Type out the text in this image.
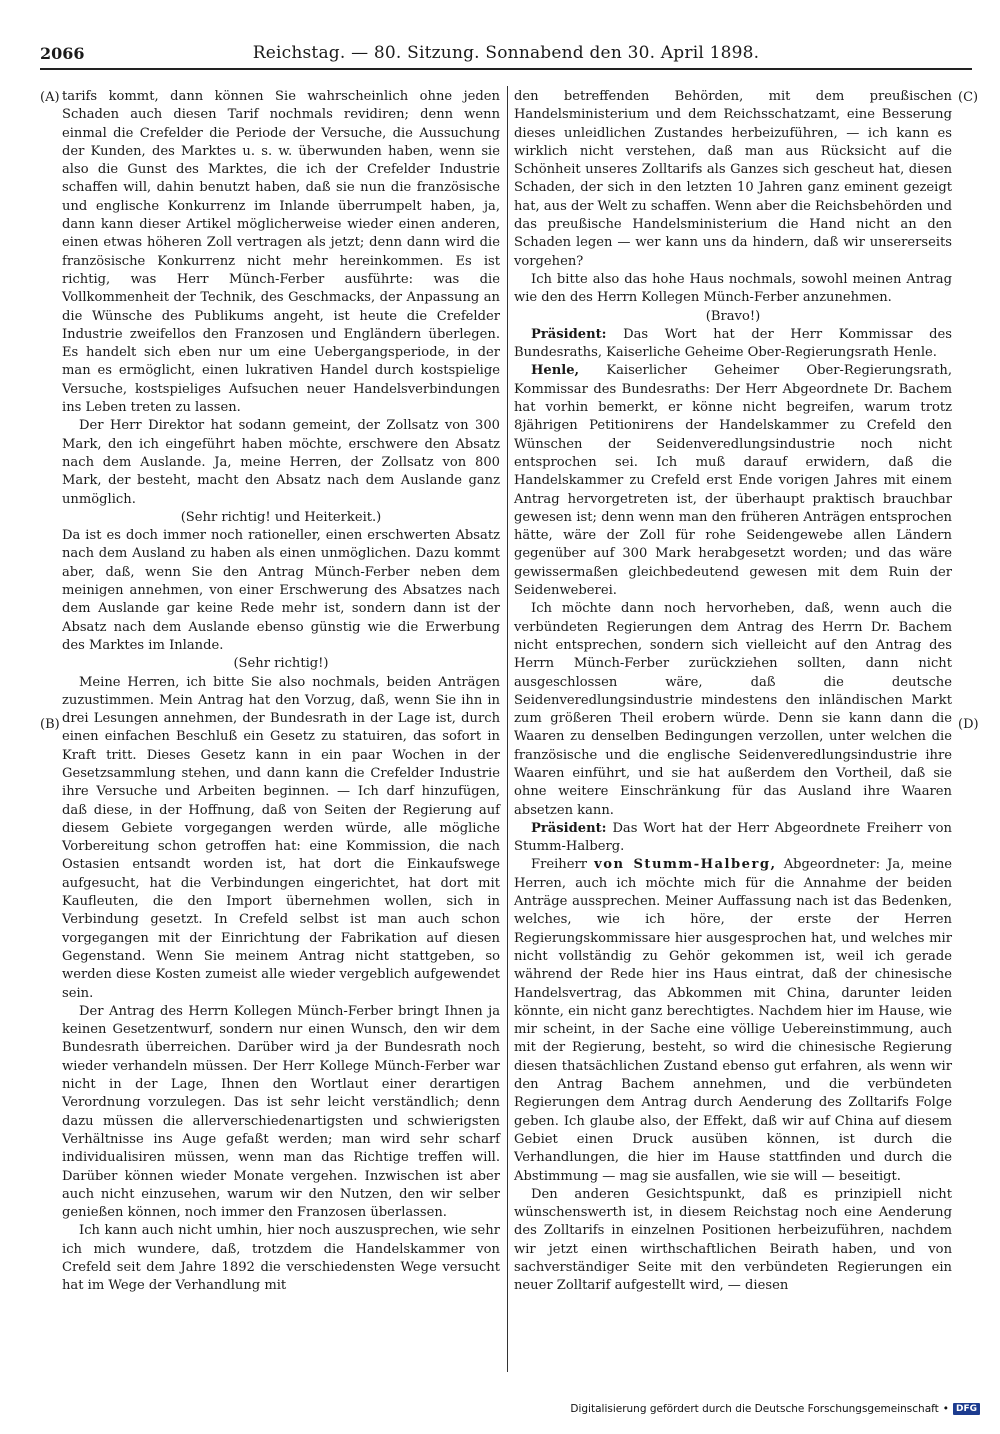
2066	Reichstag. — 80. Sitzung. Sonnabend den 30. April 1898.
(A)
(B)
(C)
(D)

tarifs kommt, dann können Sie wahrscheinlich ohne jeden Schaden auch diesen Tarif nochmals revidiren; denn wenn einmal die Crefelder die Periode der Versuche, die Aussuchung der Kunden, des Marktes u. s. w. überwunden haben, wenn sie also die Gunst des Marktes, die ich der Crefelder Industrie schaffen will, dahin benutzt haben, daß sie nun die französische und englische Konkurrenz im Inlande überrumpelt haben, ja, dann kann dieser Artikel möglicherweise wieder einen anderen, einen etwas höheren Zoll vertragen als jetzt; denn dann wird die französische Konkurrenz nicht mehr hereinkommen. Es ist richtig, was Herr Münch-Ferber ausführte: was die Vollkommenheit der Technik, des Geschmacks, der Anpassung an die Wünsche des Publikums angeht, ist heute die Crefelder Industrie zweifellos den Franzosen und Engländern überlegen. Es handelt sich eben nur um eine Uebergangsperiode, in der man es ermöglicht, einen lukrativen Handel durch kostspielige Versuche, kostspieliges Aufsuchen neuer Handelsverbindungen ins Leben treten zu lassen.

Der Herr Direktor hat sodann gemeint, der Zollsatz von 300 Mark, den ich eingeführt haben möchte, erschwere den Absatz nach dem Auslande. Ja, meine Herren, der Zollsatz von 800 Mark, der besteht, macht den Absatz nach dem Auslande ganz unmöglich.

(Sehr richtig! und Heiterkeit.)

Da ist es doch immer noch rationeller, einen erschwerten Absatz nach dem Ausland zu haben als einen unmöglichen. Dazu kommt aber, daß, wenn Sie den Antrag Münch-Ferber neben dem meinigen annehmen, von einer Erschwerung des Absatzes nach dem Auslande gar keine Rede mehr ist, sondern dann ist der Absatz nach dem Auslande ebenso günstig wie die Erwerbung des Marktes im Inlande.

(Sehr richtig!)

Meine Herren, ich bitte Sie also nochmals, beiden Anträgen zuzustimmen. Mein Antrag hat den Vorzug, daß, wenn Sie ihn in drei Lesungen annehmen, der Bundesrath in der Lage ist, durch einen einfachen Beschluß ein Gesetz zu statuiren, das sofort in Kraft tritt. Dieses Gesetz kann in ein paar Wochen in der Gesetzsammlung stehen, und dann kann die Crefelder Industrie ihre Versuche und Arbeiten beginnen. — Ich darf hinzufügen, daß diese, in der Hoffnung, daß von Seiten der Regierung auf diesem Gebiete vorgegangen werden würde, alle mögliche Vorbereitung schon getroffen hat: eine Kommission, die nach Ostasien entsandt worden ist, hat dort die Einkaufswege aufgesucht, hat die Verbindungen eingerichtet, hat dort mit Kaufleuten, die den Import übernehmen wollen, sich in Verbindung gesetzt. In Crefeld selbst ist man auch schon vorgegangen mit der Einrichtung der Fabrikation auf diesen Gegenstand. Wenn Sie meinem Antrag nicht stattgeben, so werden diese Kosten zumeist alle wieder vergeblich aufgewendet sein.

Der Antrag des Herrn Kollegen Münch-Ferber bringt Ihnen ja keinen Gesetzentwurf, sondern nur einen Wunsch, den wir dem Bundesrath überreichen. Darüber wird ja der Bundesrath noch wieder verhandeln müssen. Der Herr Kollege Münch-Ferber war nicht in der Lage, Ihnen den Wortlaut einer derartigen Verordnung vorzulegen. Das ist sehr leicht verständlich; denn dazu müssen die allerverschiedenartigsten und schwierigsten Verhältnisse ins Auge gefaßt werden; man wird sehr scharf individualisiren müssen, wenn man das Richtige treffen will. Darüber können wieder Monate vergehen. Inzwischen ist aber auch nicht einzusehen, warum wir den Nutzen, den wir selber genießen können, noch immer den Franzosen überlassen.

Ich kann auch nicht umhin, hier noch auszusprechen, wie sehr ich mich wundere, daß, trotzdem die Handelskammer von Crefeld seit dem Jahre 1892 die verschiedensten Wege versucht hat im Wege der Verhandlung mit

den betreffenden Behörden, mit dem preußischen Handelsministerium und dem Reichsschatzamt, eine Besserung dieses unleidlichen Zustandes herbeizuführen, — ich kann es wirklich nicht verstehen, daß man aus Rücksicht auf die Schönheit unseres Zolltarifs als Ganzes sich gescheut hat, diesen Schaden, der sich in den letzten 10 Jahren ganz eminent gezeigt hat, aus der Welt zu schaffen. Wenn aber die Reichsbehörden und das preußische Handelsministerium die Hand nicht an den Schaden legen — wer kann uns da hindern, daß wir unsererseits vorgehen?

Ich bitte also das hohe Haus nochmals, sowohl meinen Antrag wie den des Herrn Kollegen Münch-Ferber anzunehmen.

(Bravo!)

Präsident: Das Wort hat der Herr Kommissar des Bundesraths, Kaiserliche Geheime Ober-Regierungsrath Henle.

Henle, Kaiserlicher Geheimer Ober-Regierungsrath, Kommissar des Bundesraths: Der Herr Abgeordnete Dr. Bachem hat vorhin bemerkt, er könne nicht begreifen, warum trotz 8jährigen Petitionirens der Handelskammer zu Crefeld den Wünschen der Seidenveredlungsindustrie noch nicht entsprochen sei. Ich muß darauf erwidern, daß die Handelskammer zu Crefeld erst Ende vorigen Jahres mit einem Antrag hervorgetreten ist, der überhaupt praktisch brauchbar gewesen ist; denn wenn man den früheren Anträgen entsprochen hätte, wäre der Zoll für rohe Seidengewebe allen Ländern gegenüber auf 300 Mark herabgesetzt worden; und das wäre gewissermaßen gleichbedeutend gewesen mit dem Ruin der Seidenweberei.

Ich möchte dann noch hervorheben, daß, wenn auch die verbündeten Regierungen dem Antrag des Herrn Dr. Bachem nicht entsprechen, sondern sich vielleicht auf den Antrag des Herrn Münch-Ferber zurückziehen sollten, dann nicht ausgeschlossen wäre, daß die deutsche Seidenveredlungsindustrie mindestens den inländischen Markt zum größeren Theil erobern würde. Denn sie kann dann die Waaren zu denselben Bedingungen verzollen, unter welchen die französische und die englische Seidenveredlungsindustrie ihre Waaren einführt, und sie hat außerdem den Vortheil, daß sie ohne weitere Einschränkung für das Ausland ihre Waaren absetzen kann.

Präsident: Das Wort hat der Herr Abgeordnete Freiherr von Stumm-Halberg.

Freiherr von Stumm-Halberg, Abgeordneter: Ja, meine Herren, auch ich möchte mich für die Annahme der beiden Anträge aussprechen. Meiner Auffassung nach ist das Bedenken, welches, wie ich höre, der erste der Herren Regierungskommissare hier ausgesprochen hat, und welches mir nicht vollständig zu Gehör gekommen ist, weil ich gerade während der Rede hier ins Haus eintrat, daß der chinesische Handelsvertrag, das Abkommen mit China, darunter leiden könnte, ein nicht ganz berechtigtes. Nachdem hier im Hause, wie mir scheint, in der Sache eine völlige Uebereinstimmung, auch mit der Regierung, besteht, so wird die chinesische Regierung diesen thatsächlichen Zustand ebenso gut erfahren, als wenn wir den Antrag Bachem annehmen, und die verbündeten Regierungen dem Antrag durch Aenderung des Zolltarifs Folge geben. Ich glaube also, der Effekt, daß wir auf China auf diesem Gebiet einen Druck ausüben können, ist durch die Verhandlungen, die hier im Hause stattfinden und durch die Abstimmung — mag sie ausfallen, wie sie will — beseitigt.

Den anderen Gesichtspunkt, daß es prinzipiell nicht wünschenswerth ist, in diesem Reichstag noch eine Aenderung des Zolltarifs in einzelnen Positionen herbeizuführen, nachdem wir jetzt einen wirthschaftlichen Beirath haben, und von sachverständiger Seite mit den verbündeten Regierungen ein neuer Zolltarif aufgestellt wird, — diesen

Digitalisierung gefördert durch die Deutsche Forschungsgemeinschaft • DFG
